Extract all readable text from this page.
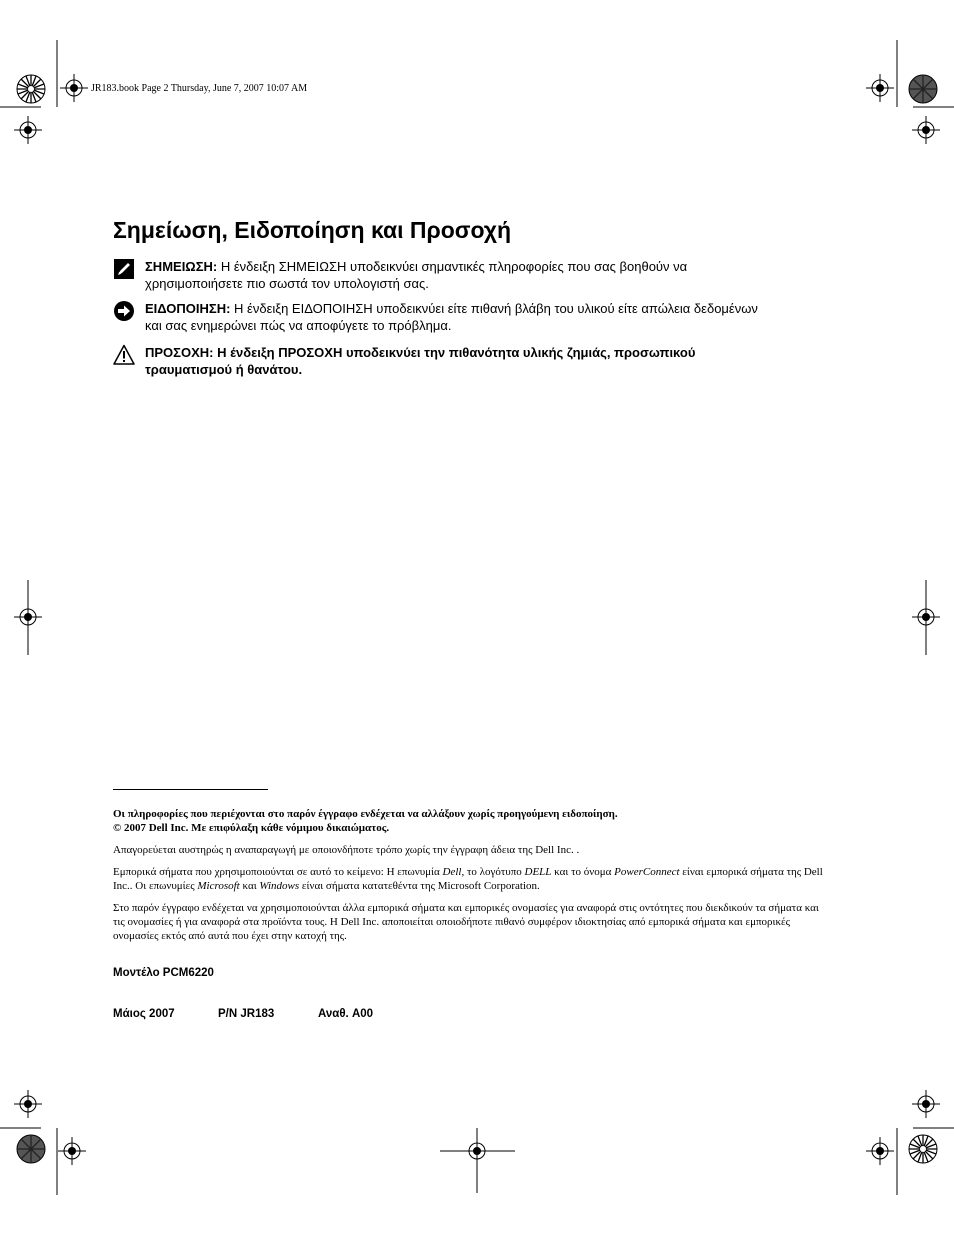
JR183.book Page 2 Thursday, June 7, 2007 10:07 AM
Σημείωση, Ειδοποίηση και Προσοχή
ΣΗΜΕΙΩΣΗ: Η ένδειξη ΣΗΜΕΙΩΣΗ υποδεικνύει σημαντικές πληροφορίες που σας βοηθούν να χρησιμοποιήσετε πιο σωστά τον υπολογιστή σας.
ΕΙΔΟΠΟΙΗΣΗ: Η ένδειξη ΕΙΔΟΠΟΙΗΣΗ υποδεικνύει είτε πιθανή βλάβη του υλικού είτε απώλεια δεδομένων και σας ενημερώνει πώς να αποφύγετε το πρόβλημα.
ΠΡΟΣΟΧΗ: Η ένδειξη ΠΡΟΣΟΧΗ υποδεικνύει την πιθανότητα υλικής ζημιάς, προσωπικού τραυματισμού ή θανάτου.
Οι πληροφορίες που περιέχονται στο παρόν έγγραφο ενδέχεται να αλλάξουν χωρίς προηγούμενη ειδοποίηση.
© 2007 Dell Inc. Με επιφύλαξη κάθε νόμιμου δικαιώματος.
Απαγορεύεται αυστηρώς η αναπαραγωγή με οποιονδήποτε τρόπο χωρίς την έγγραφη άδεια της Dell Inc. .
Εμπορικά σήματα που χρησιμοποιούνται σε αυτό το κείμενο: Η επωνυμία Dell, το λογότυπο DELL και το όνομα PowerConnect είναι εμπορικά σήματα της Dell Inc.. Οι επωνυμίες Microsoft και Windows είναι σήματα κατατεθέντα της Microsoft Corporation.
Στο παρόν έγγραφο ενδέχεται να χρησιμοποιούνται άλλα εμπορικά σήματα και εμπορικές ονομασίες για αναφορά στις οντότητες που διεκδικούν τα σήματα και τις ονομασίες ή για αναφορά στα προϊόντα τους. Η Dell Inc. αποποιείται οποιοδήποτε πιθανό συμφέρον ιδιοκτησίας από εμπορικά σήματα και εμπορικές ονομασίες εκτός από αυτά που έχει στην κατοχή της.
Μοντέλο PCM6220
Μάιος 2007	P/N JR183	Αναθ. A00
